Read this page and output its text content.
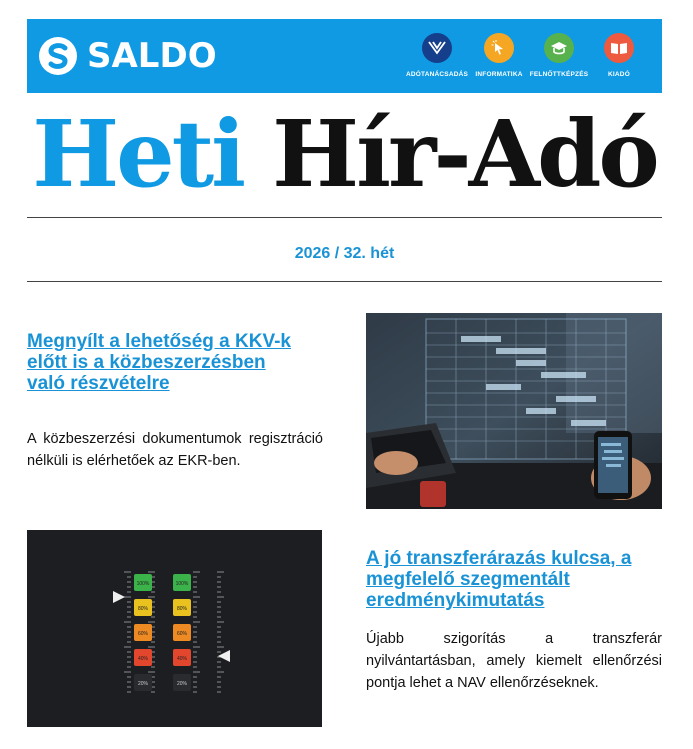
SALDO	ADÓTANÁCSADÁS INFORMATIKA FELNŐTTKÉPZÉS	KIADÓ
Heti Hír-Adó
2026 / 32. hét
Megnyílt a lehetőség a KKV-k
előtt is a közbeszerzésben
való részvételre
A közbeszerzési dokumentumok regisztráció nélküli is elérhetőek az EKR-ben.
100%
80%
60%
40%
20%
100%
80%
60%
40%
20%
A jó transzferárazás kulcsa, a
megfelelő szegmentált
eredménykimutatás
Újabb szigorítás a transzferár nyilvántartásban, amely kiemelt ellenőrzési pontja lehet a NAV ellenőrzéseknek.
